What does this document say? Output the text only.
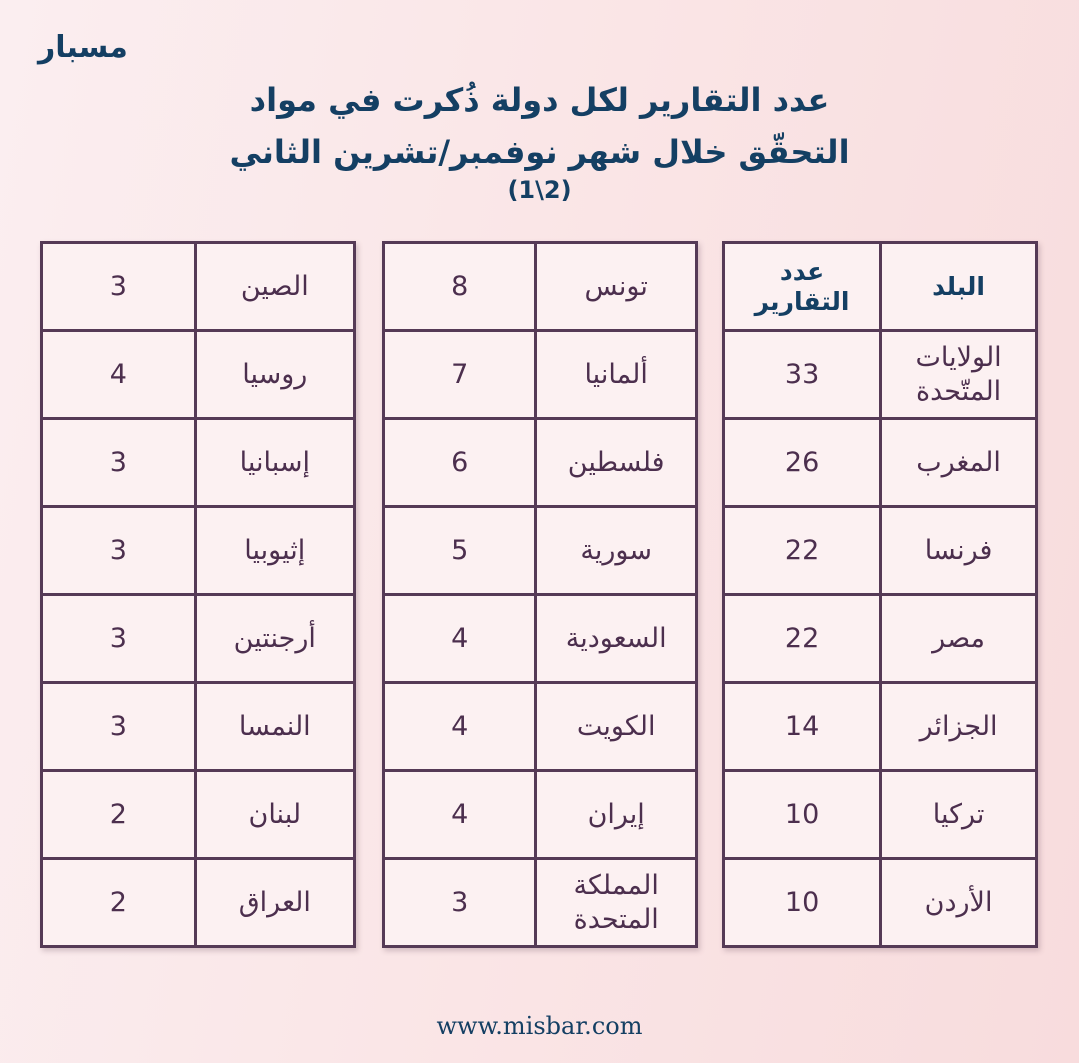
مسبار
عدد التقارير لكل دولة ذُكرت في مواد
التحقّق خلال شهر نوفمبر/تشرين الثاني
(1\2)
البلد	عدد التقارير
الولايات المتّحدة	33
المغرب	26
فرنسا	22
مصر	22
الجزائر	14
تركيا	10
الأردن	10
تونس	8
ألمانيا	7
فلسطين	6
سورية	5
السعودية	4
الكويت	4
إيران	4
المملكة المتحدة	3
الصين	3
روسيا	4
إسبانيا	3
إثيوبيا	3
أرجنتين	3
النمسا	3
لبنان	2
العراق	2
www.misbar.com
